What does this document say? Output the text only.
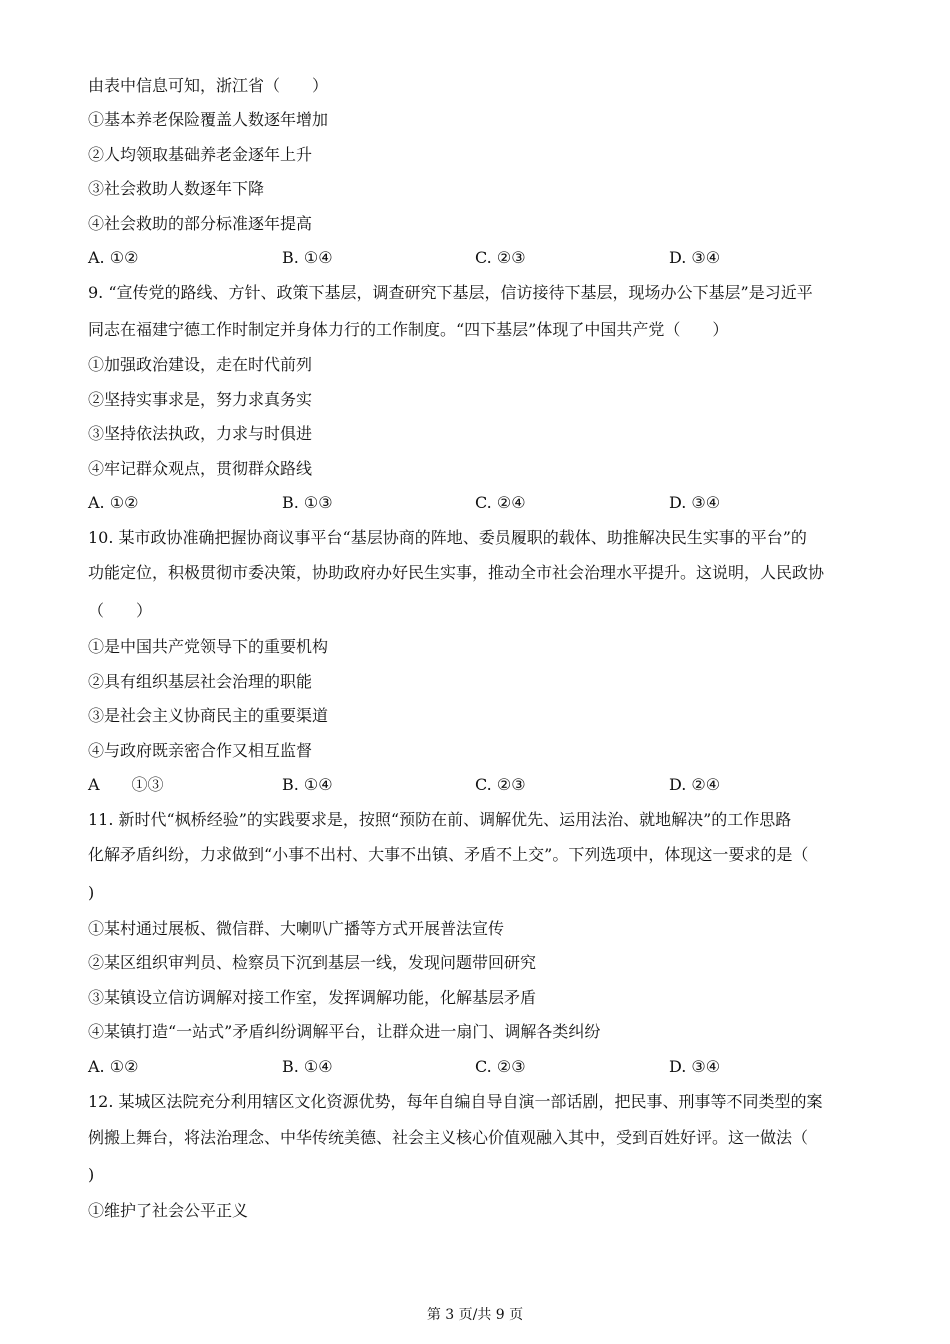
由表中信息可知，浙江省（　　）
①基本养老保险覆盖人数逐年增加
②人均领取基础养老金逐年上升
③社会救助人数逐年下降
④社会救助的部分标准逐年提高
A. ①②	B. ①④	C. ②③	D. ③④
9. “宣传党的路线、方针、政策下基层，调查研究下基层，信访接待下基层，现场办公下基层”是习近平
同志在福建宁德工作时制定并身体力行的工作制度。“四下基层”体现了中国共产党（　　）
①加强政治建设，走在时代前列
②坚持实事求是，努力求真务实
③坚持依法执政，力求与时俱进
④牢记群众观点，贯彻群众路线
A. ①②	B. ①③	C. ②④	D. ③④
10. 某市政协准确把握协商议事平台“基层协商的阵地、委员履职的载体、助推解决民生实事的平台”的
功能定位，积极贯彻市委决策，协助政府办好民生实事，推动全市社会治理水平提升。这说明，人民政协
（　　）
①是中国共产党领导下的重要机构
②具有组织基层社会治理的职能
③是社会主义协商民主的重要渠道
④与政府既亲密合作又相互监督
A　　①③	B. ①④	C. ②③	D. ②④
11. 新时代“枫桥经验”的实践要求是，按照“预防在前、调解优先、运用法治、就地解决”的工作思路
化解矛盾纠纷，力求做到“小事不出村、大事不出镇、矛盾不上交”。下列选项中，体现这一要求的是（
)
①某村通过展板、微信群、大喇叭广播等方式开展普法宣传
②某区组织审判员、检察员下沉到基层一线，发现问题带回研究
③某镇设立信访调解对接工作室，发挥调解功能，化解基层矛盾
④某镇打造“一站式”矛盾纠纷调解平台，让群众进一扇门、调解各类纠纷
A. ①②	B. ①④	C. ②③	D. ③④
12. 某城区法院充分利用辖区文化资源优势，每年自编自导自演一部话剧，把民事、刑事等不同类型的案
例搬上舞台，将法治理念、中华传统美德、社会主义核心价值观融入其中，受到百姓好评。这一做法（
)
①维护了社会公平正义
第 3 页/共 9 页
